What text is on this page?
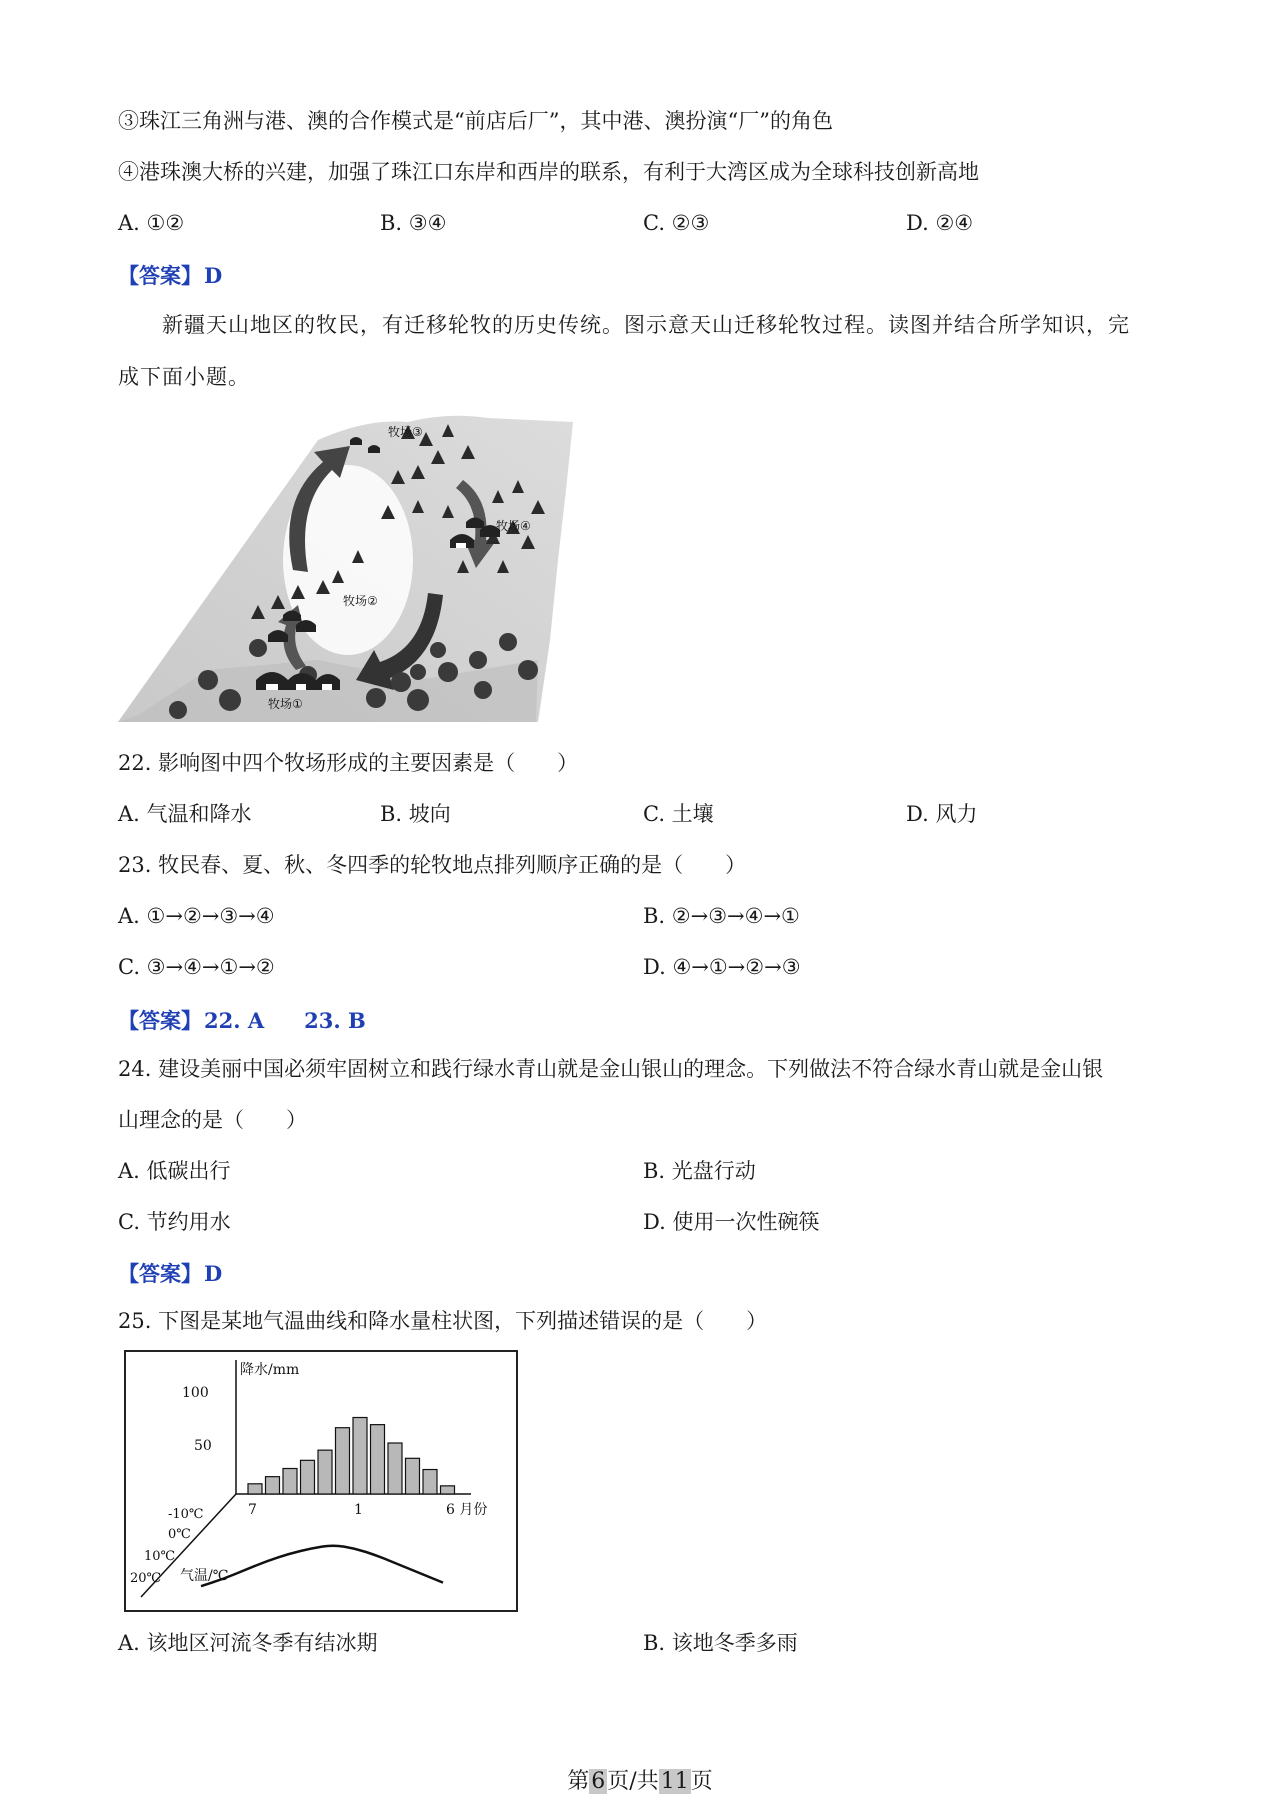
③珠江三角洲与港、澳的合作模式是“前店后厂”，其中港、澳扮演“厂”的角色
④港珠澳大桥的兴建，加强了珠江口东岸和西岸的联系，有利于大湾区成为全球科技创新高地
A. ①②	B. ③④	C. ②③	D. ②④
【答案】D
新疆天山地区的牧民，有迁移轮牧的历史传统。图示意天山迁移轮牧过程。读图并结合所学知识，完
成下面小题。
牧场①
牧场②
牧场③
牧场④
22. 影响图中四个牧场形成的主要因素是（　　）
A. 气温和降水	B. 坡向	C. 土壤	D. 风力
23. 牧民春、夏、秋、冬四季的轮牧地点排列顺序正确的是（　　）
A. ①→②→③→④	B. ②→③→④→①
C. ③→④→①→②	D. ④→①→②→③
【答案】22. A 23. B
24. 建设美丽中国必须牢固树立和践行绿水青山就是金山银山的理念。下列做法不符合绿水青山就是金山银
山理念的是（　　）
A. 低碳出行	B. 光盘行动
C. 节约用水	D. 使用一次性碗筷
【答案】D
25. 下图是某地气温曲线和降水量柱状图，下列描述错误的是（　　）
降水/mm
100
50
7	1	6 月份
-10℃
0℃
10℃
20℃ 气温/℃
A. 该地区河流冬季有结冰期	B. 该地冬季多雨
第6页/共11页
